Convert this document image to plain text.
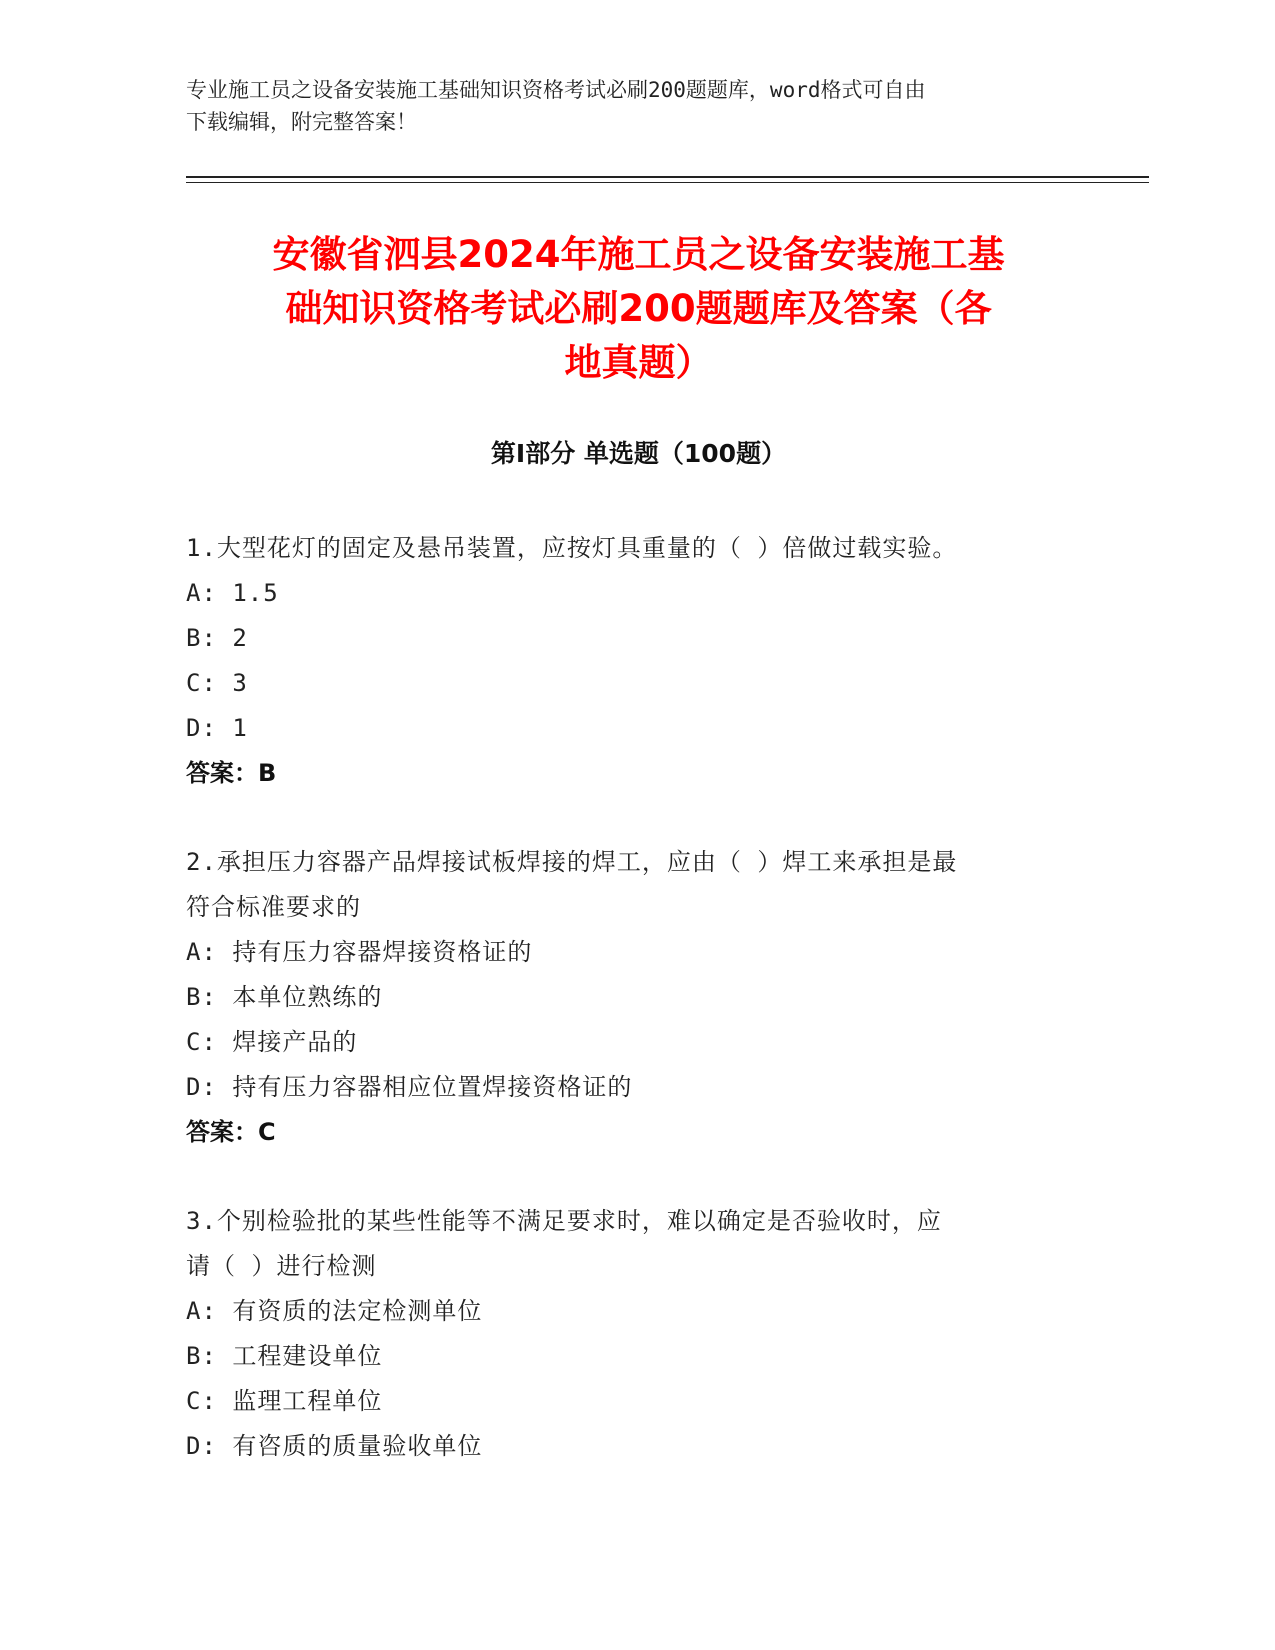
专业施工员之设备安装施工基础知识资格考试必刷200题题库，word格式可自由
下载编辑，附完整答案！
安徽省泗县2024年施工员之设备安装施工基
础知识资格考试必刷200题题库及答案（各
地真题）
第Ⅰ部分 单选题（100题）
1.大型花灯的固定及悬吊装置，应按灯具重量的（ ）倍做过载实验。
A: 1.5
B: 2
C: 3
D: 1
答案：B
2.承担压力容器产品焊接试板焊接的焊工，应由（ ）焊工来承担是最
符合标准要求的
A: 持有压力容器焊接资格证的
B: 本单位熟练的
C: 焊接产品的
D: 持有压力容器相应位置焊接资格证的
答案：C
3.个别检验批的某些性能等不满足要求时，难以确定是否验收时，应
请（ ）进行检测
A: 有资质的法定检测单位
B: 工程建设单位
C: 监理工程单位
D: 有咨质的质量验收单位
